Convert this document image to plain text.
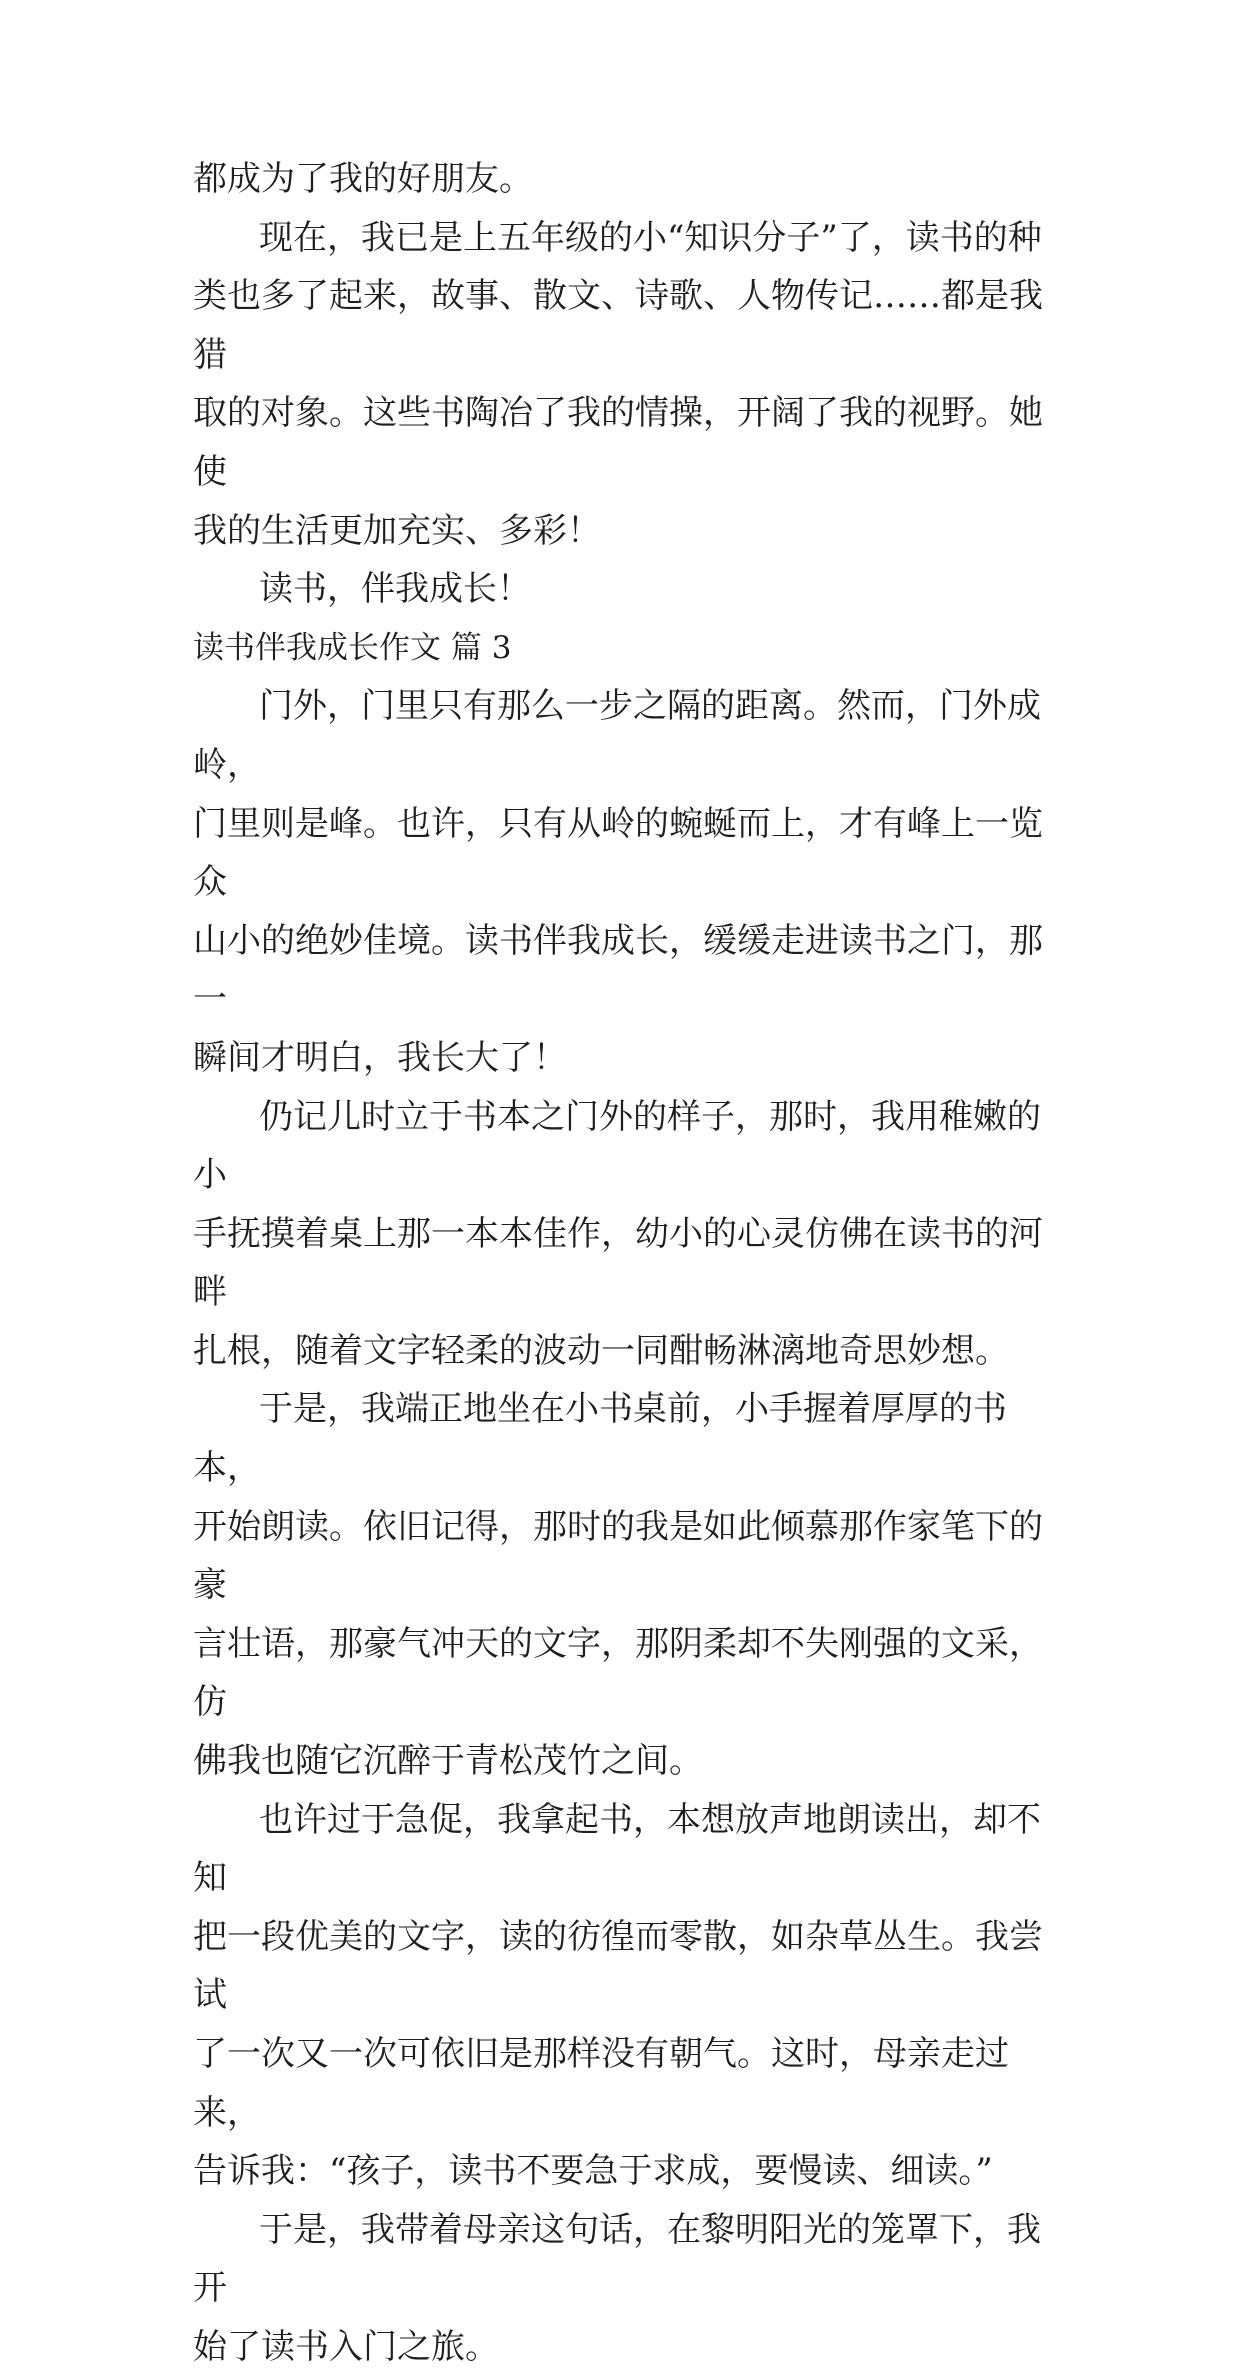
都成为了我的好朋友。

现在，我已是上五年级的小“知识分子”了，读书的种
类也多了起来，故事、散文、诗歌、人物传记……都是我猎
取的对象。这些书陶冶了我的情操，开阔了我的视野。她使
我的生活更加充实、多彩！

读书，伴我成长！

读书伴我成长作文 篇 3

门外，门里只有那么一步之隔的距离。然而，门外成岭，
门里则是峰。也许，只有从岭的蜿蜒而上，才有峰上一览众
山小的绝妙佳境。读书伴我成长，缓缓走进读书之门，那一
瞬间才明白，我长大了！

仍记儿时立于书本之门外的样子，那时，我用稚嫩的小
手抚摸着桌上那一本本佳作，幼小的心灵仿佛在读书的河畔
扎根，随着文字轻柔的波动一同酣畅淋漓地奇思妙想。

于是，我端正地坐在小书桌前，小手握着厚厚的书本，
开始朗读。依旧记得，那时的我是如此倾慕那作家笔下的豪
言壮语，那豪气冲天的文字，那阴柔却不失刚强的文采，仿
佛我也随它沉醉于青松茂竹之间。

也许过于急促，我拿起书，本想放声地朗读出，却不知
把一段优美的文字，读的彷徨而零散，如杂草丛生。我尝试
了一次又一次可依旧是那样没有朝气。这时，母亲走过来，
告诉我：“孩子，读书不要急于求成，要慢读、细读。”

于是，我带着母亲这句话，在黎明阳光的笼罩下，我开
始了读书入门之旅。
